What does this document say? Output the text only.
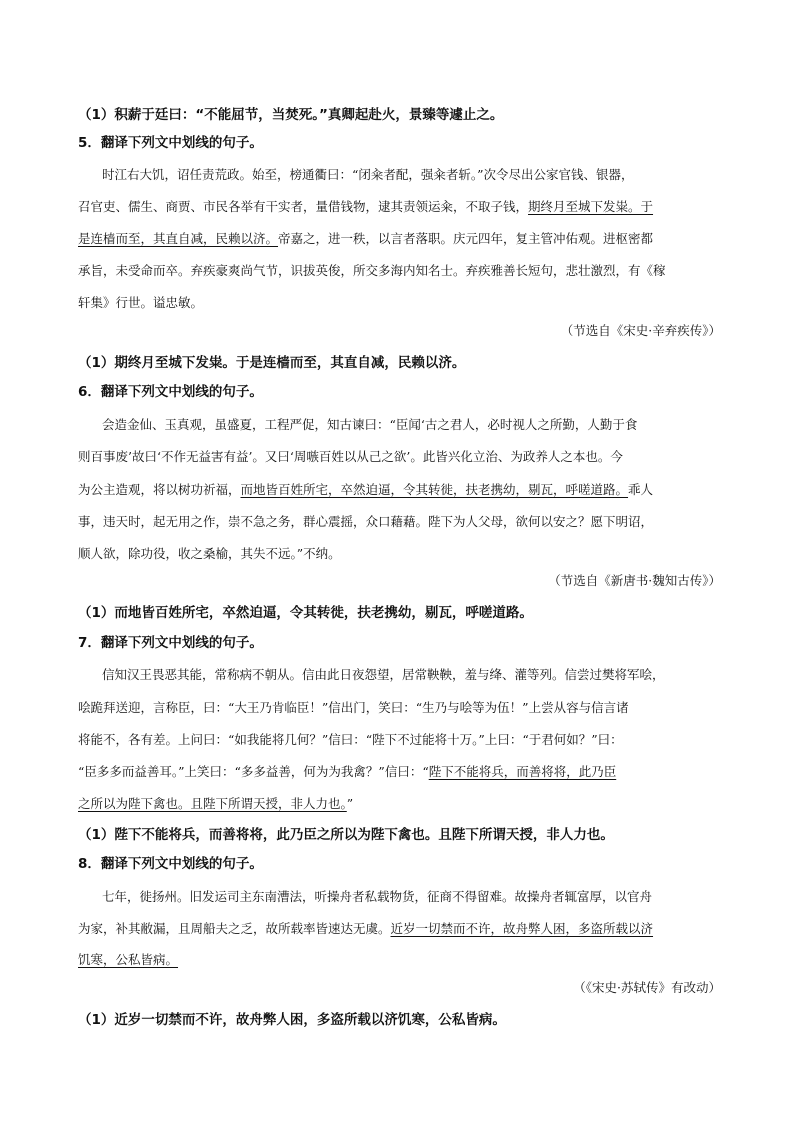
（1）积薪于廷曰：“不能屈节，当焚死。”真卿起赴火，景臻等遽止之。
5．翻译下列文中划线的句子。
时江右大饥，诏任责荒政。始至，榜通衢曰：“闭籴者配，强籴者斩。”次令尽出公家官钱、银器，
召官吏、儒生、商贾、市民各举有干实者，量借钱物，逮其责领运籴，不取子钱，期终月至城下发粜。于
是连樯而至，其直自减，民赖以济。帝嘉之，进一秩，以言者落职。庆元四年，复主管冲佑观。进枢密都
承旨，未受命而卒。弃疾豪爽尚气节，识拔英俊，所交多海内知名士。弃疾雅善长短句，悲壮激烈，有《稼
轩集》行世。谥忠敏。
（节选自《宋史·辛弃疾传》）
（1）期终月至城下发粜。于是连樯而至，其直自减，民赖以济。
6．翻译下列文中划线的句子。
会造金仙、玉真观，虽盛夏，工程严促，知古谏曰：“臣闻‘古之君人，必时视人之所勤，人勤于食
则百事废’故曰‘不作无益害有益’。又曰‘周嗾百姓以从己之欲’。此皆兴化立治、为政养人之本也。今
为公主造观，将以树功祈福，而地皆百姓所宅，卒然迫逼，令其转徙，扶老携幼，剔瓦，呼嗟道路。乖人
事，违天时，起无用之作，崇不急之务，群心震摇，众口藉藉。陛下为人父母，欲何以安之？愿下明诏，
顺人欲，除功役，收之桑榆，其失不远。”不纳。
（节选自《新唐书·魏知古传》）
（1）而地皆百姓所宅，卒然迫逼，令其转徙，扶老携幼，剔瓦，呼嗟道路。
7．翻译下列文中划线的句子。
信知汉王畏恶其能，常称病不朝从。信由此日夜怨望，居常鞅鞅，羞与绛、灌等列。信尝过樊将军哙，
哙跪拜送迎，言称臣，曰：“大王乃肯临臣！”信出门，笑曰：“生乃与哙等为伍！”上尝从容与信言诸
将能不，各有差。上问曰：“如我能将几何？”信曰：“陛下不过能将十万。”上曰：“于君何如？”曰：
“臣多多而益善耳。”上笑曰：“多多益善，何为为我禽？”信曰：“陛下不能将兵，而善将将，此乃臣
之所以为陛下禽也。且陛下所谓天授，非人力也。”
（1）陛下不能将兵，而善将将，此乃臣之所以为陛下禽也。且陛下所谓天授，非人力也。
8．翻译下列文中划线的句子。
七年，徙扬州。旧发运司主东南漕法，听操舟者私载物货，征商不得留难。故操舟者辄富厚，以官舟
为家，补其敝漏，且周船夫之乏，故所载率皆速达无虞。近岁一切禁而不许，故舟弊人困，多盗所载以济
饥寒，公私皆病。
（《宋史·苏轼传》有改动）
（1）近岁一切禁而不许，故舟弊人困，多盗所载以济饥寒，公私皆病。
